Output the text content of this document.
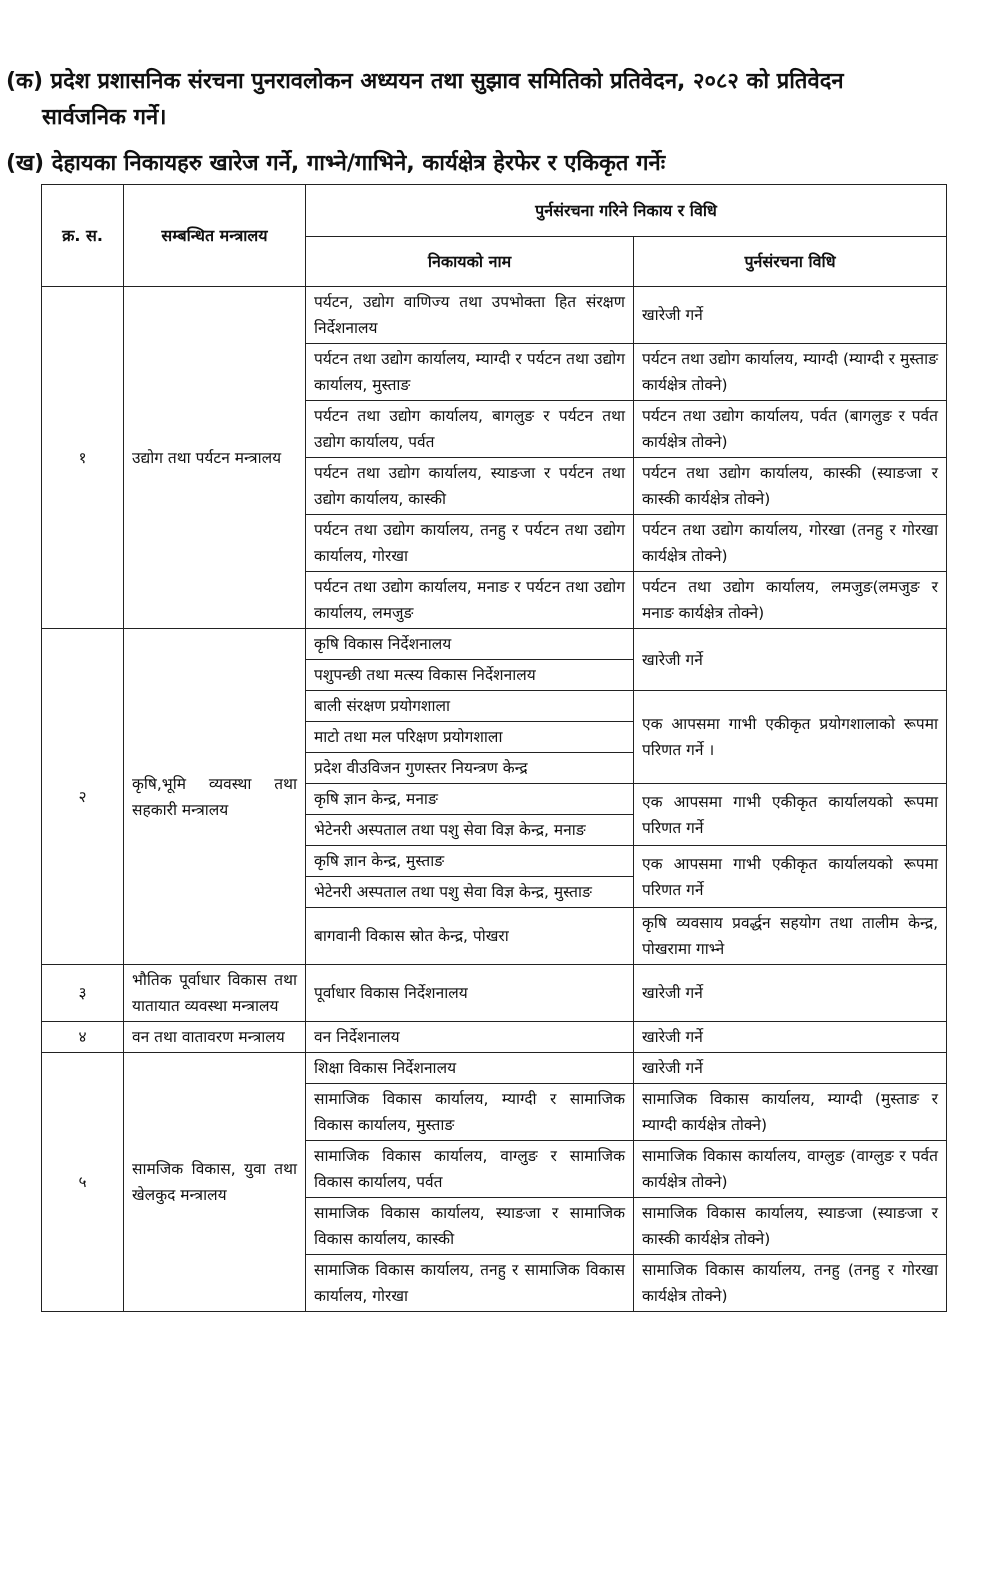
(क) प्रदेश प्रशासनिक संरचना पुनरावलोकन अध्ययन तथा सुझाव समितिको प्रतिवेदन, २०८२ को प्रतिवेदन
सार्वजनिक गर्ने।
(ख) देहायका निकायहरु खारेज गर्ने, गाभ्ने/गाभिने, कार्यक्षेत्र हेरफेर र एकिकृत गर्नेः
क्र. स.	सम्बन्धित मन्त्रालय	पुर्नसंरचना गरिने निकाय र विधि	
		निकायको नाम	पुर्नसंरचना विधि
१	उद्योग तथा पर्यटन मन्त्रालय	पर्यटन, उद्योग वाणिज्य तथा उपभोक्ता हित संरक्षण निर्देशनालय	खारेजी गर्ने
		पर्यटन तथा उद्योग कार्यालय, म्याग्दी र पर्यटन तथा उद्योग कार्यालय, मुस्ताङ	पर्यटन तथा उद्योग कार्यालय, म्याग्दी (म्याग्दी र मुस्ताङ कार्यक्षेत्र तोक्ने)
		पर्यटन तथा उद्योग कार्यालय, बागलुङ र पर्यटन तथा उद्योग कार्यालय, पर्वत	पर्यटन तथा उद्योग कार्यालय, पर्वत (बागलुङ र पर्वत कार्यक्षेत्र तोक्ने)
		पर्यटन तथा उद्योग कार्यालय, स्याङजा र पर्यटन तथा उद्योग कार्यालय, कास्की	पर्यटन तथा उद्योग कार्यालय, कास्की (स्याङजा र कास्की कार्यक्षेत्र तोक्ने)
		पर्यटन तथा उद्योग कार्यालय, तनहु र पर्यटन तथा उद्योग कार्यालय, गोरखा	पर्यटन तथा उद्योग कार्यालय, गोरखा (तनहु र गोरखा कार्यक्षेत्र तोक्ने)
		पर्यटन तथा उद्योग कार्यालय, मनाङ र पर्यटन तथा उद्योग कार्यालय, लमजुङ	पर्यटन तथा उद्योग कार्यालय, लमजुङ(लमजुङ र मनाङ कार्यक्षेत्र तोक्ने)
२	कृषि,भूमि व्यवस्था तथा सहकारी मन्त्रालय	कृषि विकास निर्देशनालय	खारेजी गर्ने
		पशुपन्छी तथा मत्स्य विकास निर्देशनालय	
		बाली संरक्षण प्रयोगशाला	एक आपसमा गाभी एकीकृत प्रयोगशालाको रूपमा परिणत गर्ने ।
		माटो तथा मल परिक्षण प्रयोगशाला	
		प्रदेश वीउविजन गुणस्तर नियन्त्रण केन्द्र	
		कृषि ज्ञान केन्द्र, मनाङ	एक आपसमा गाभी एकीकृत कार्यालयको रूपमा परिणत गर्ने
		भेटेनरी अस्पताल तथा पशु सेवा विज्ञ केन्द्र, मनाङ	
		कृषि ज्ञान केन्द्र, मुस्ताङ	एक आपसमा गाभी एकीकृत कार्यालयको रूपमा परिणत गर्ने
		भेटेनरी अस्पताल तथा पशु सेवा विज्ञ केन्द्र, मुस्ताङ	
		बागवानी विकास स्रोत केन्द्र, पोखरा	कृषि व्यवसाय प्रवर्द्धन सहयोग तथा तालीम केन्द्र, पोखरामा गाभ्ने

३	भौतिक पूर्वाधार विकास तथा यातायात व्यवस्था मन्त्रालय	पूर्वाधार विकास निर्देशनालय	खारेजी गर्ने
४	वन तथा वातावरण मन्त्रालय	वन निर्देशनालय	खारेजी गर्ने
५	सामजिक विकास, युवा तथा खेलकुद मन्त्रालय	शिक्षा विकास निर्देशनालय	खारेजी गर्ने
		सामाजिक विकास कार्यालय, म्याग्दी र सामाजिक विकास कार्यालय, मुस्ताङ	सामाजिक विकास कार्यालय, म्याग्दी (मुस्ताङ र म्याग्दी कार्यक्षेत्र तोक्ने)
		सामाजिक विकास कार्यालय, वाग्लुङ र सामाजिक विकास कार्यालय, पर्वत	सामाजिक विकास कार्यालय, वाग्लुङ (वाग्लुङ र पर्वत कार्यक्षेत्र तोक्ने)
		सामाजिक विकास कार्यालय, स्याङजा र सामाजिक विकास कार्यालय, कास्की	सामाजिक विकास कार्यालय, स्याङजा (स्याङजा र कास्की कार्यक्षेत्र तोक्ने)
		सामाजिक विकास कार्यालय, तनहु र सामाजिक विकास कार्यालय, गोरखा	सामाजिक विकास कार्यालय, तनहु (तनहु र गोरखा कार्यक्षेत्र तोक्ने)
